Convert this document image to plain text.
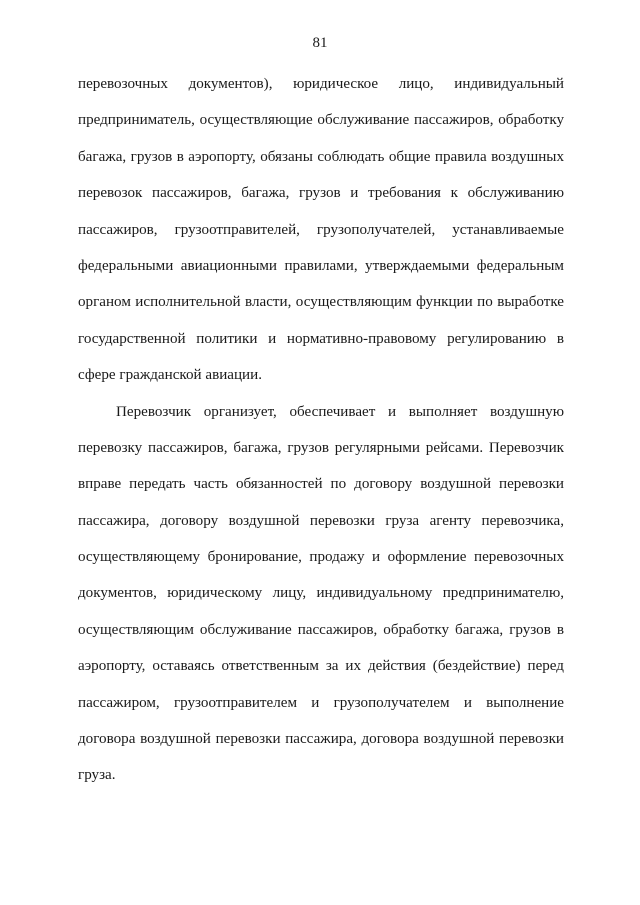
81
перевозочных документов), юридическое лицо, индивидуальный
предприниматель, осуществляющие обслуживание пассажиров, обработку
багажа, грузов в аэропорту, обязаны соблюдать общие правила воздушных
перевозок пассажиров, багажа, грузов и требования к обслуживанию
пассажиров, грузоотправителей, грузополучателей, устанавливаемые
федеральными авиационными правилами, утверждаемыми федеральным
органом исполнительной власти, осуществляющим функции по выработке
государственной политики и нормативно-правовому регулированию в
сфере гражданской авиации.
Перевозчик организует, обеспечивает и выполняет воздушную
перевозку пассажиров, багажа, грузов регулярными рейсами. Перевозчик
вправе передать часть обязанностей по договору воздушной перевозки
пассажира, договору воздушной перевозки груза агенту перевозчика,
осуществляющему бронирование, продажу и оформление перевозочных
документов, юридическому лицу, индивидуальному предпринимателю,
осуществляющим обслуживание пассажиров, обработку багажа, грузов в
аэропорту, оставаясь ответственным за их действия (бездействие) перед
пассажиром, грузоотправителем и грузополучателем и выполнение
договора воздушной перевозки пассажира, договора воздушной перевозки
груза.
